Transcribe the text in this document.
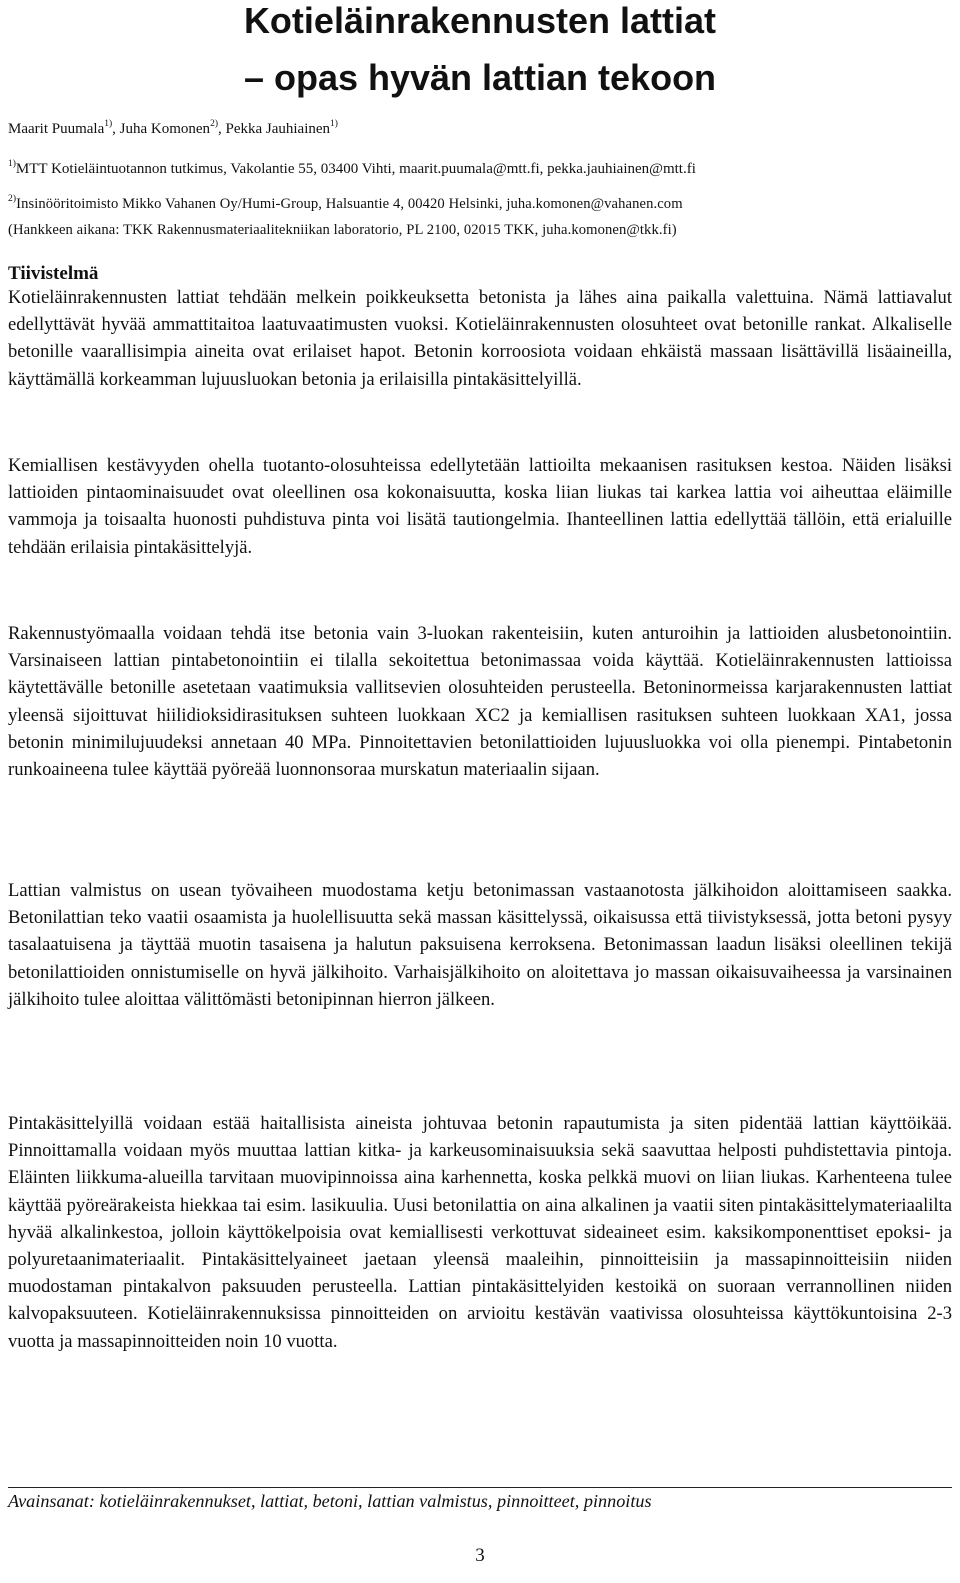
Kotieläinrakennusten lattiat
– opas hyvän lattian tekoon
Maarit Puumala$^{1)}$, Juha Komonen$^{2)}$, Pekka Jauhiainen$^{1)}$
$^{1)}$MTT Kotieläintuotannon tutkimus, Vakolantie 55, 03400 Vihti, maarit.puumala@mtt.fi, pekka.jauhiainen@mtt.fi
$^{2)}$Insinööritoimisto Mikko Vahanen Oy/Humi-Group, Halsuantie 4, 00420 Helsinki, juha.komonen@vahanen.com
(Hankkeen aikana: TKK Rakennusmateriaalitekniikan laboratorio, PL 2100, 02015 TKK, juha.komonen@tkk.fi)
Tiivistelmä

Kotieläinrakennusten lattiat tehdään melkein poikkeuksetta betonista ja lähes aina paikalla valettuina. Nämä lattiavalut edellyttävät hyvää ammattitaitoa laatuvaatimusten vuoksi. Kotieläinrakennusten olosuhteet ovat betonille rankat. Alkaliselle betonille vaarallisimpia aineita ovat erilaiset hapot. Betonin korroosiota voidaan ehkäistä massaan lisättävillä lisäaineilla, käyttämällä korkeamman lujuusluokan betonia ja erilaisilla pintakäsittelyillä.

Kemiallisen kestävyyden ohella tuotanto-olosuhteissa edellytetään lattioilta mekaanisen rasituksen kestoa. Näiden lisäksi lattioiden pintaominaisuudet ovat oleellinen osa kokonaisuutta, koska liian liukas tai karkea lattia voi aiheuttaa eläimille vammoja ja toisaalta huonosti puhdistuva pinta voi lisätä tautiongelmia. Ihanteellinen lattia edellyttää tällöin, että erialuille tehdään erilaisia pintakäsittelyjä.

Rakennustyömaalla voidaan tehdä itse betonia vain 3-luokan rakenteisiin, kuten anturoihin ja lattioiden alusbetonointiin. Varsinaiseen lattian pintabetonointiin ei tilalla sekoitettua betonimassaa voida käyttää. Kotieläinrakennusten lattioissa käytettävälle betonille asetetaan vaatimuksia vallitsevien olosuhteiden perusteella. Betoninormeissa karjarakennusten lattiat yleensä sijoittuvat hiilidioksidirasituksen suhteen luokkaan XC2 ja kemiallisen rasituksen suhteen luokkaan XA1, jossa betonin minimilujuudeksi annetaan 40 MPa. Pinnoitettavien betonilattioiden lujuusluokka voi olla pienempi. Pintabetonin runkoaineena tulee käyttää pyöreää luonnonsoraa murskatun materiaalin sijaan.

Lattian valmistus on usean työvaiheen muodostama ketju betonimassan vastaanotosta jälkihoidon aloittamiseen saakka. Betonilattian teko vaatii osaamista ja huolellisuutta sekä massan käsittelyssä, oikaisussa että tiivistyksessä, jotta betoni pysyy tasalaatuisena ja täyttää muotin tasaisena ja halutun paksuisena kerroksena. Betonimassan laadun lisäksi oleellinen tekijä betonilattioiden onnistumiselle on hyvä jälkihoito. Varhaisjälkihoito on aloitettava jo massan oikaisuvaiheessa ja varsinainen jälkihoito tulee aloittaa välittömästi betonipinnan hierron jälkeen.

Pintakäsittelyillä voidaan estää haitallisista aineista johtuvaa betonin rapautumista ja siten pidentää lattian käyttöikää. Pinnoittamalla voidaan myös muuttaa lattian kitka- ja karkeusominaisuuksia sekä saavuttaa helposti puhdistettavia pintoja. Eläinten liikkuma-alueilla tarvitaan muovipinnoissa aina karhennetta, koska pelkkä muovi on liian liukas. Karhenteena tulee käyttää pyöreärakeista hiekkaa tai esim. lasikuulia. Uusi betonilattia on aina alkalinen ja vaatii siten pintakäsittelymateriaalilta hyvää alkalinkestoa, jolloin käyttökelpoisia ovat kemiallisesti verkottuvat sideaineet esim. kaksikomponenttiset epoksi- ja polyuretaanimateriaalit. Pintakäsittelyaineet jaetaan yleensä maaleihin, pinnoitteisiin ja massapinnoitteisiin niiden muodostaman pintakalvon paksuuden perusteella. Lattian pintakäsittelyiden kestoikä on suoraan verrannollinen niiden kalvopaksuuteen. Kotieläinrakennuksissa pinnoitteiden on arvioitu kestävän vaativissa olosuhteissa käyttökuntoisina 2-3 vuotta ja massapinnoitteiden noin 10 vuotta.

Avainsanat: kotieläinrakennukset, lattiat, betoni, lattian valmistus, pinnoitteet, pinnoitus
3
